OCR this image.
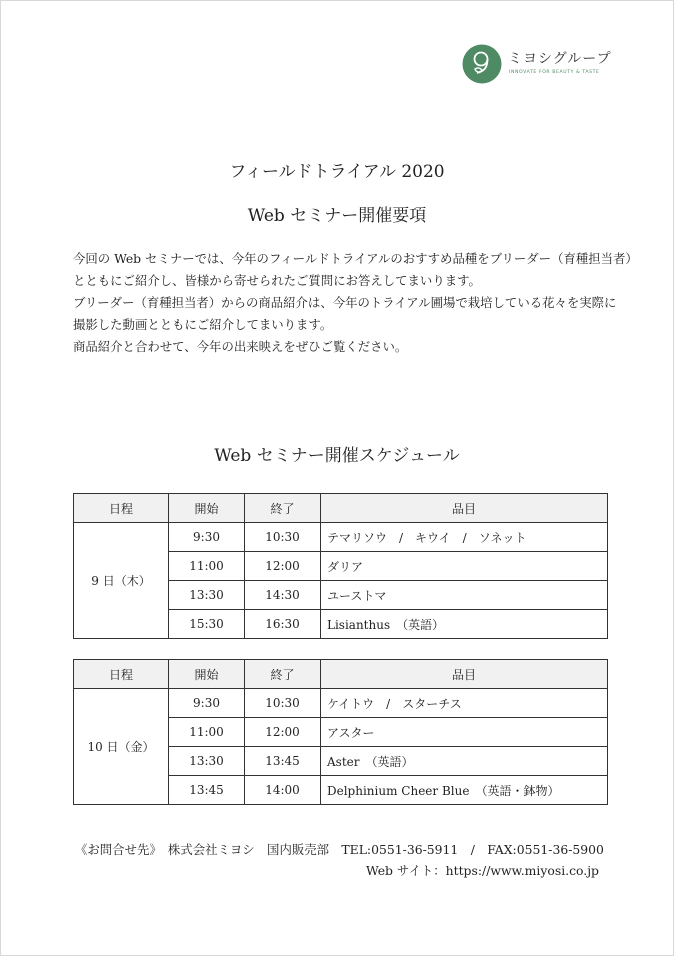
ミヨシグループ
INNOVATE FOR BEAUTY & TASTE
フィールドトライアル 2020
Web セミナー開催要項

今回の Web セミナーでは、今年のフィールドトライアルのおすすめ品種をブリーダー（育種担当者）

とともにご紹介し、皆様から寄せられたご質問にお答えしてまいります。

ブリーダー（育種担当者）からの商品紹介は、今年のトライアル圃場で栽培している花々を実際に

撮影した動画とともにご紹介してまいります。

商品紹介と合わせて、今年の出来映えをぜひご覧ください。

Web セミナー開催スケジュール
日程	開始	終了	品目
9 日（木）	9:30	10:30	テマリソウ　/　キウイ　/　ソネット
	11:00	12:00	ダリア
	13:30	14:30	ユーストマ
	15:30	16:30	Lisianthus　（英語）
日程	開始	終了	品目
10 日（金）	9:30	10:30	ケイトウ　/　スターチス
	11:00	12:00	アスター
	13:30	13:45	Aster　（英語）
	13:45	14:00	Delphinium Cheer Blue　（英語・鉢物）
《お問合せ先》　株式会社ミヨシ　国内販売部　TEL:0551-36-5911　/　FAX:0551-36-5900
Web サイト：https://www.miyosi.co.jp
